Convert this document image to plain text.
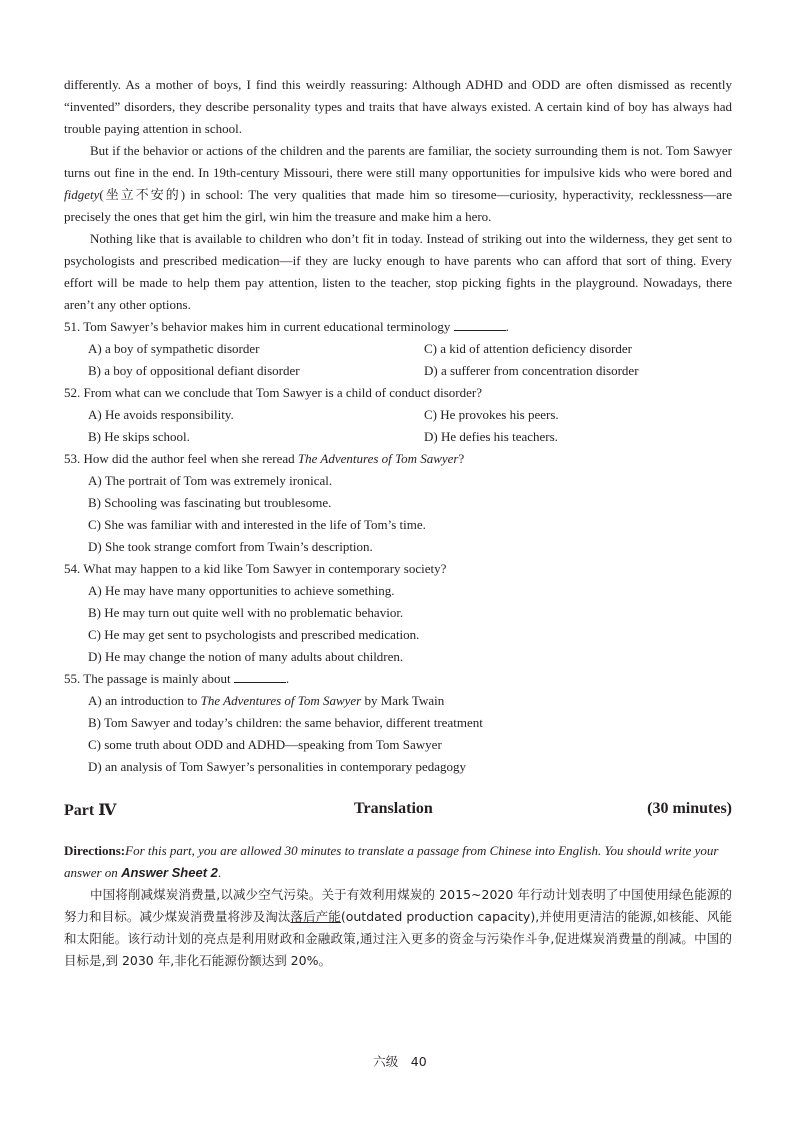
differently. As a mother of boys, I find this weirdly reassuring: Although ADHD and ODD are often dismissed as recently “invented” disorders, they describe personality types and traits that have always existed. A certain kind of boy has always had trouble paying attention in school.

But if the behavior or actions of the children and the parents are familiar, the society surrounding them is not. Tom Sawyer turns out fine in the end. In 19th-century Missouri, there were still many opportunities for impulsive kids who were bored and fidgety(坐立不安的) in school: The very qualities that made him so tiresome—curiosity, hyperactivity, recklessness—are precisely the ones that get him the girl, win him the treasure and make him a hero.

Nothing like that is available to children who don’t fit in today. Instead of striking out into the wilderness, they get sent to psychologists and prescribed medication—if they are lucky enough to have parents who can afford that sort of thing. Every effort will be made to help them pay attention, listen to the teacher, stop picking fights in the playground. Nowadays, there aren’t any other options.

51. Tom Sawyer’s behavior makes him in current educational terminology	.
A) a boy of sympathetic disorder	C) a kid of attention deficiency disorder
B) a boy of oppositional defiant disorder	D) a sufferer from concentration disorder
52. From what can we conclude that Tom Sawyer is a child of conduct disorder?
A) He avoids responsibility.	C) He provokes his peers.
B) He skips school.	D) He defies his teachers.
53. How did the author feel when she reread The Adventures of Tom Sawyer?
A) The portrait of Tom was extremely ironical.
B) Schooling was fascinating but troublesome.
C) She was familiar with and interested in the life of Tom’s time.
D) She took strange comfort from Twain’s description.
54. What may happen to a kid like Tom Sawyer in contemporary society?
A) He may have many opportunities to achieve something.
B) He may turn out quite well with no problematic behavior.
C) He may get sent to psychologists and prescribed medication.
D) He may change the notion of many adults about children.
55. The passage is mainly about	.
A) an introduction to The Adventures of Tom Sawyer by Mark Twain
B) Tom Sawyer and today’s children: the same behavior, different treatment
C) some truth about ODD and ADHD—speaking from Tom Sawyer
D) an analysis of Tom Sawyer’s personalities in contemporary pedagogy
Part Ⅳ	Translation	(30 minutes)
Directions:For this part, you are allowed 30 minutes to translate a passage from Chinese into English. You should write your answer on Answer Sheet 2.
中国将削减煤炭消费量,以减少空气污染。关于有效利用煤炭的 2015~2020 年行动计划表明了中国使用绿色能源的努力和目标。减少煤炭消费量将涉及淘汰落后产能(outdated production capacity),并使用更清洁的能源,如核能、风能和太阳能。该行动计划的亮点是利用财政和金融政策,通过注入更多的资金与污染作斗争,促进煤炭消费量的削减。中国的目标是,到 2030 年,非化石能源份额达到 20%。
六级　40
